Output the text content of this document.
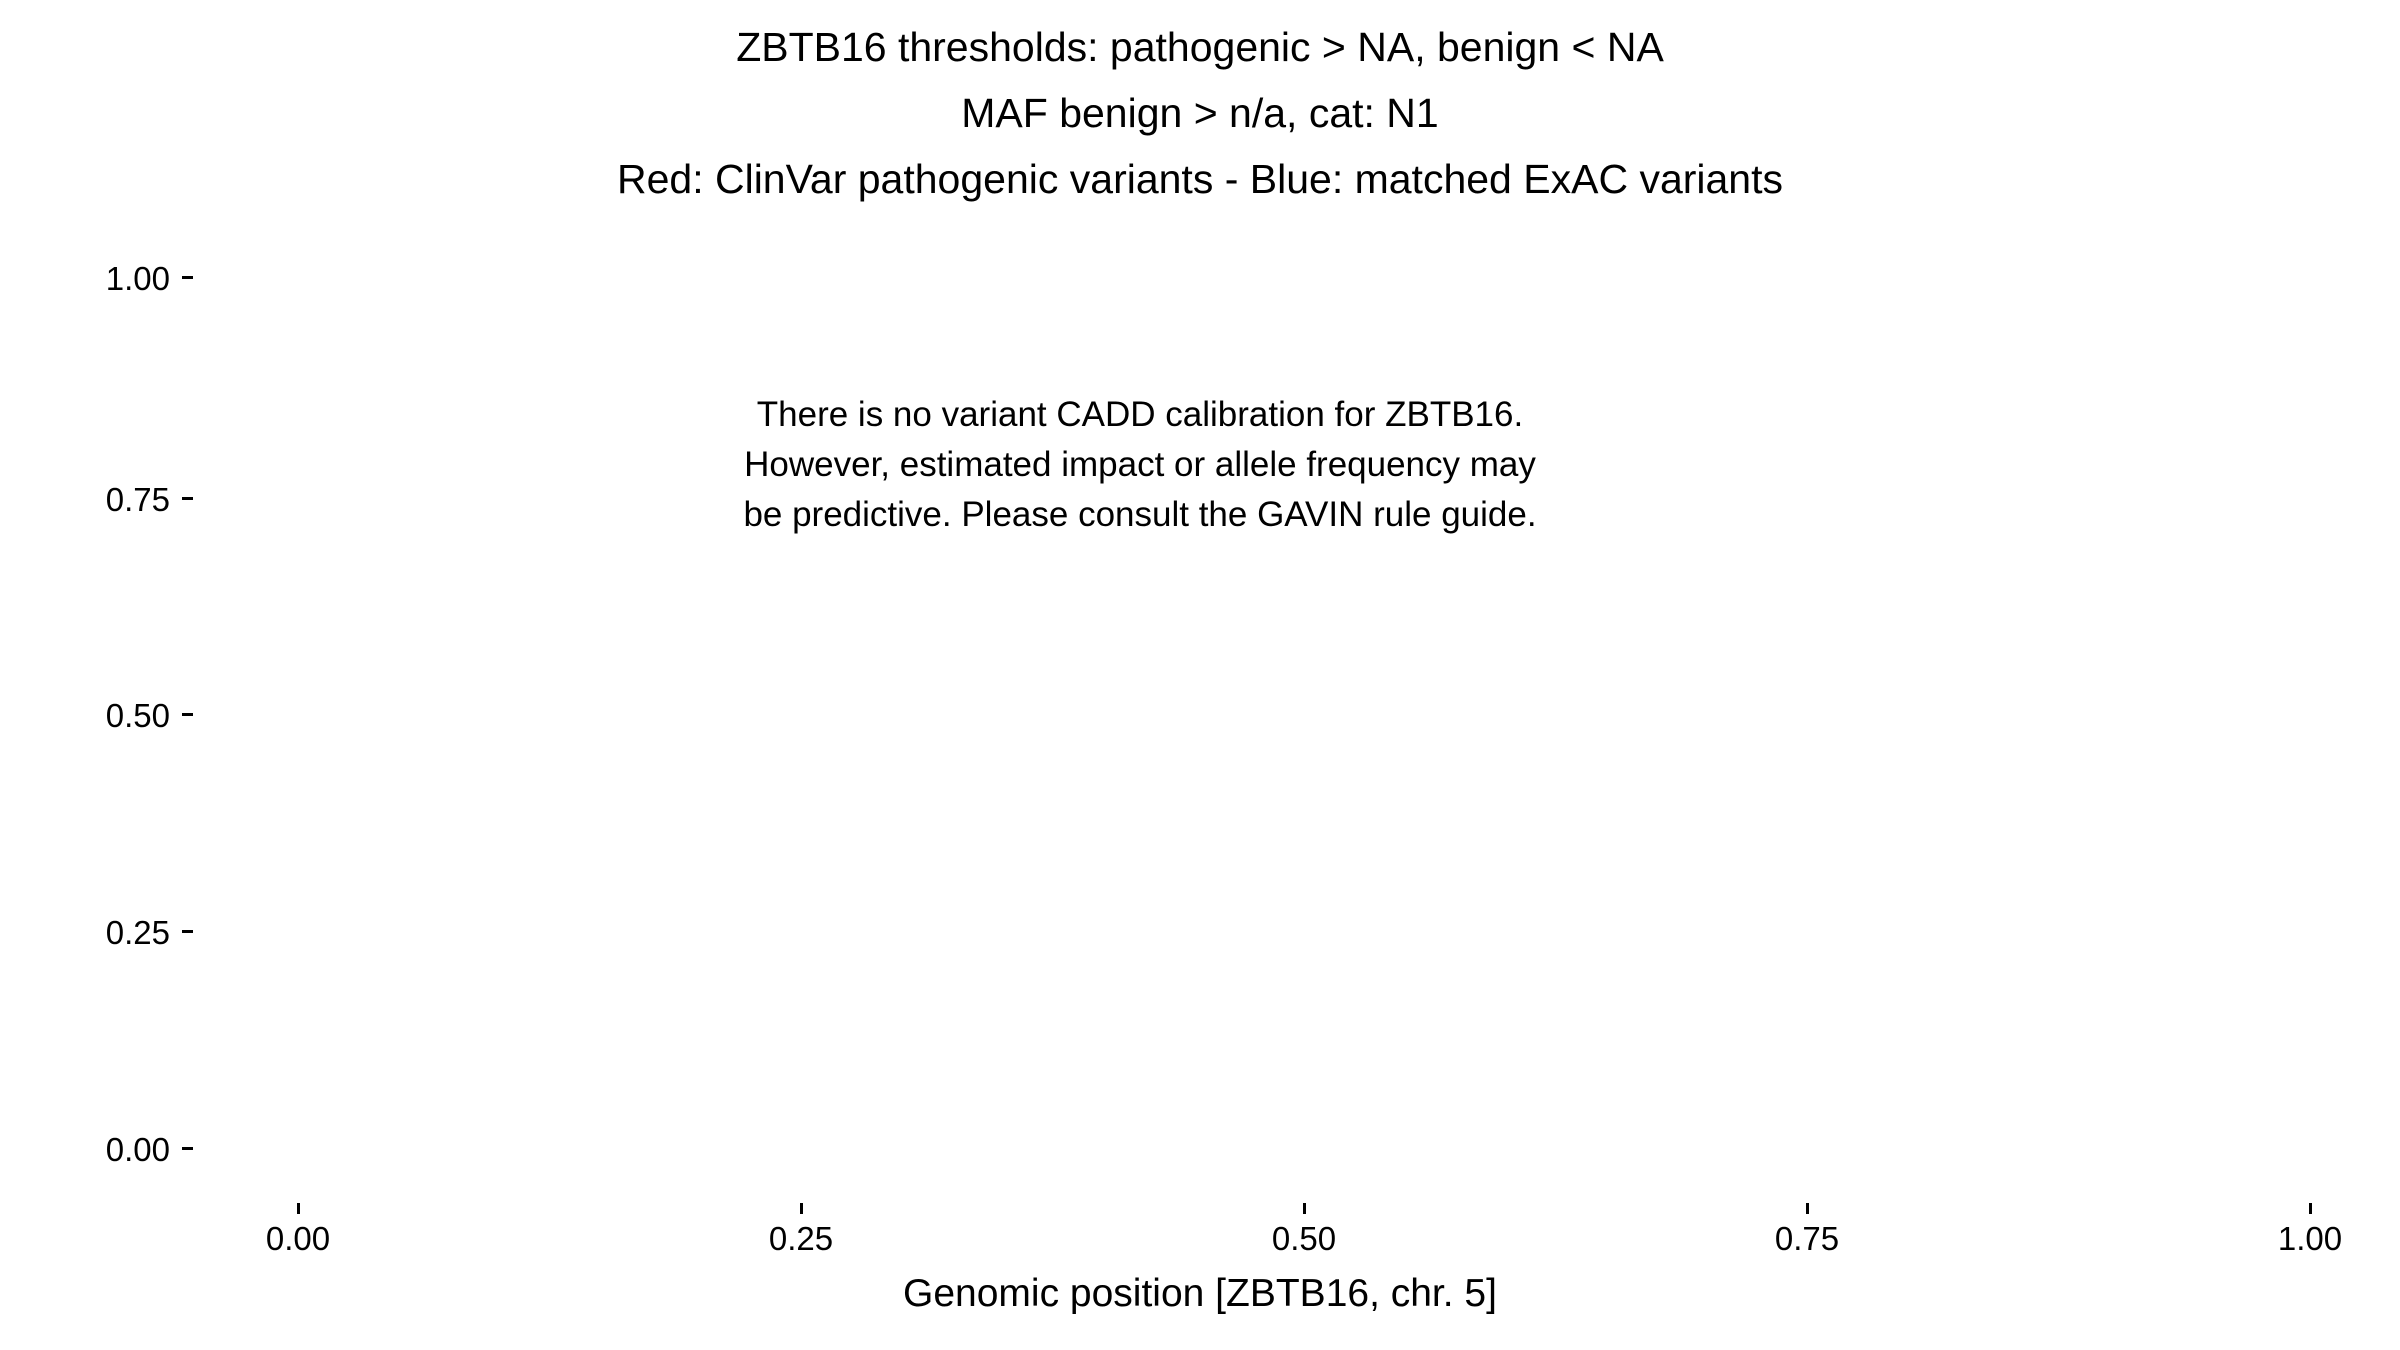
ZBTB16 thresholds: pathogenic > NA, benign < NA
MAF benign > n/a, cat: N1
Red: ClinVar pathogenic variants - Blue: matched ExAC variants
1.00
0.75
0.50
0.25
0.00
There is no variant CADD calibration for ZBTB16.
However, estimated impact or allele frequency may
be predictive. Please consult the GAVIN rule guide.
0.00	0.25	0.50	0.75	1.00
Genomic position [ZBTB16, chr. 5]
